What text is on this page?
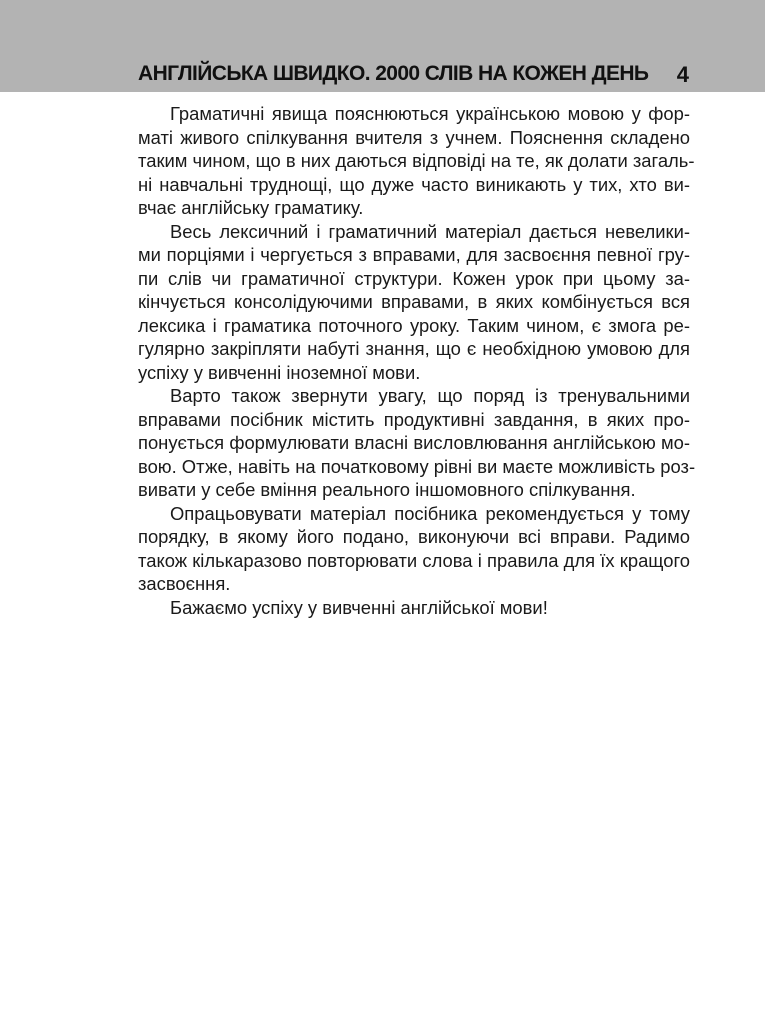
АНГЛІЙСЬКА ШВИДКО. 2000 СЛІВ НА КОЖЕН ДЕНЬ 4
Граматичні явища пояснюються українською мовою у фор-
маті живого спілкування вчителя з учнем. Пояснення складено
таким чином, що в них даються відповіді на те, як долати загаль-
ні навчальні труднощі, що дуже часто виникають у тих, хто ви-
вчає англійську граматику.
Весь лексичний і граматичний матеріал дається невелики-
ми порціями і чергується з вправами, для засвоєння певної гру-
пи слів чи граматичної структури. Кожен урок при цьому за-
кінчується консолідуючими вправами, в яких комбінується вся
лексика і граматика поточного уроку. Таким чином, є змога ре-
гулярно закріпляти набуті знання, що є необхідною умовою для
успіху у вивченні іноземної мови.
Варто також звернути увагу, що поряд із тренувальними
вправами посібник містить продуктивні завдання, в яких про-
понується формулювати власні висловлювання англійською мо-
вою. Отже, навіть на початковому рівні ви маєте можливість роз-
вивати у себе вміння реального іншомовного спілкування.
Опрацьовувати матеріал посібника рекомендується у тому
порядку, в якому його подано, виконуючи всі вправи. Радимо
також кількаразово повторювати слова і правила для їх кращого
засвоєння.
Бажаємо успіху у вивченні англійської мови!
